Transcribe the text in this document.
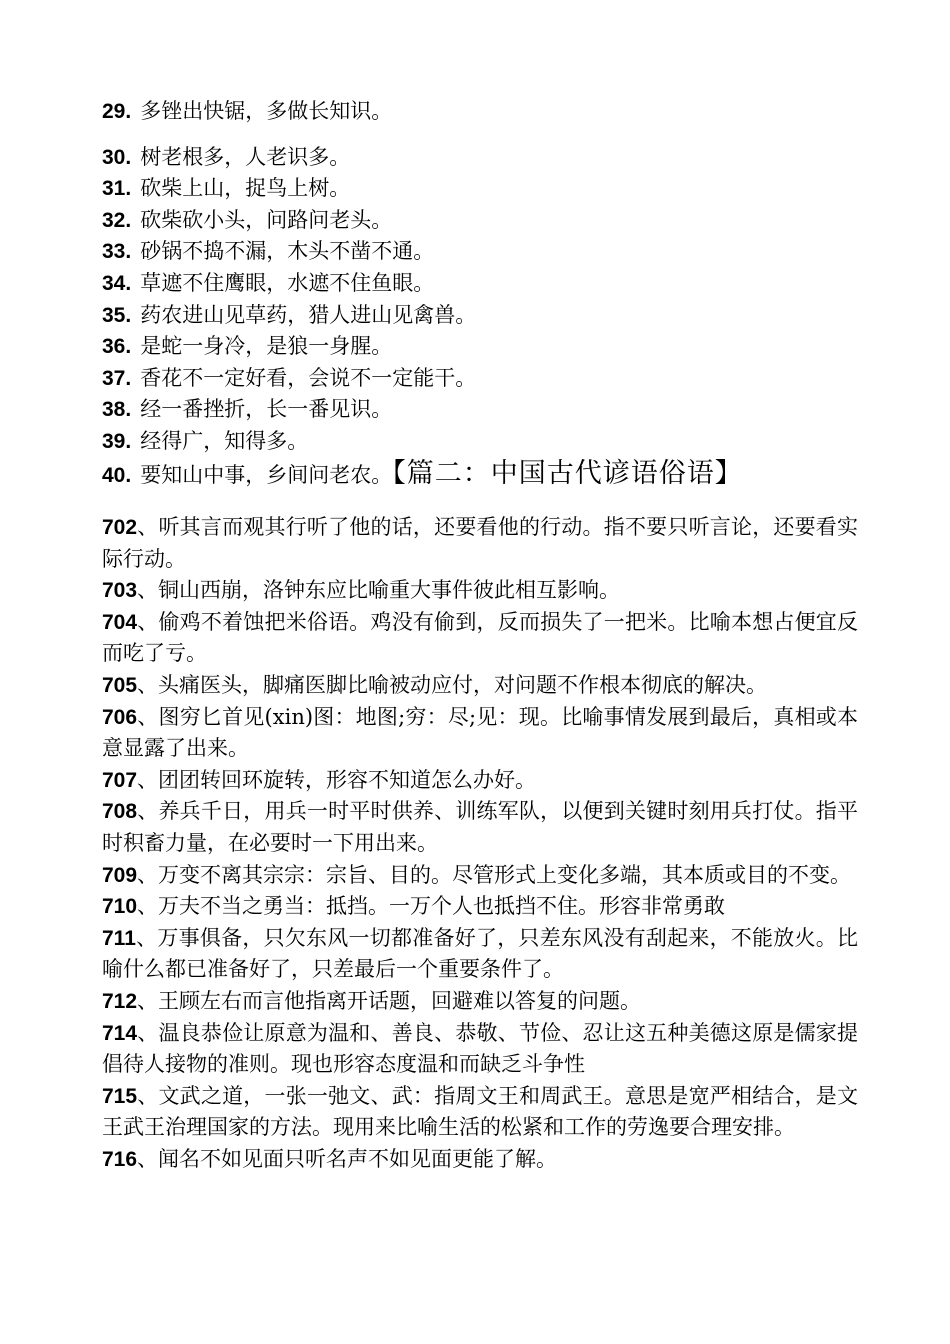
29. 多锉出快锯，多做长知识。
30. 树老根多，人老识多。
31. 砍柴上山，捉鸟上树。
32. 砍柴砍小头，问路问老头。
33. 砂锅不捣不漏，木头不凿不通。
34. 草遮不住鹰眼，水遮不住鱼眼。
35. 药农进山见草药，猎人进山见禽兽。
36. 是蛇一身冷，是狼一身腥。
37. 香花不一定好看，会说不一定能干。
38. 经一番挫折，长一番见识。
39. 经得广，知得多。
40. 要知山中事，乡间问老农。【篇二：中国古代谚语俗语】
702、听其言而观其行听了他的话，还要看他的行动。指不要只听言论，还要看实际行动。
703、铜山西崩，洛钟东应比喻重大事件彼此相互影响。
704、偷鸡不着蚀把米俗语。鸡没有偷到，反而损失了一把米。比喻本想占便宜反而吃了亏。
705、头痛医头，脚痛医脚比喻被动应付，对问题不作根本彻底的解决。
706、图穷匕首见(xin)图：地图;穷：尽;见：现。比喻事情发展到最后，真相或本意显露了出来。
707、团团转回环旋转，形容不知道怎么办好。
708、养兵千日，用兵一时平时供养、训练军队，以便到关键时刻用兵打仗。指平时积畜力量，在必要时一下用出来。
709、万变不离其宗宗：宗旨、目的。尽管形式上变化多端，其本质或目的不变。
710、万夫不当之勇当：抵挡。一万个人也抵挡不住。形容非常勇敢
711、万事俱备，只欠东风一切都准备好了，只差东风没有刮起来，不能放火。比喻什么都已准备好了，只差最后一个重要条件了。
712、王顾左右而言他指离开话题，回避难以答复的问题。
714、温良恭俭让原意为温和、善良、恭敬、节俭、忍让这五种美德这原是儒家提倡待人接物的准则。现也形容态度温和而缺乏斗争性
715、文武之道，一张一弛文、武：指周文王和周武王。意思是宽严相结合，是文王武王治理国家的方法。现用来比喻生活的松紧和工作的劳逸要合理安排。
716、闻名不如见面只听名声不如见面更能了解。
